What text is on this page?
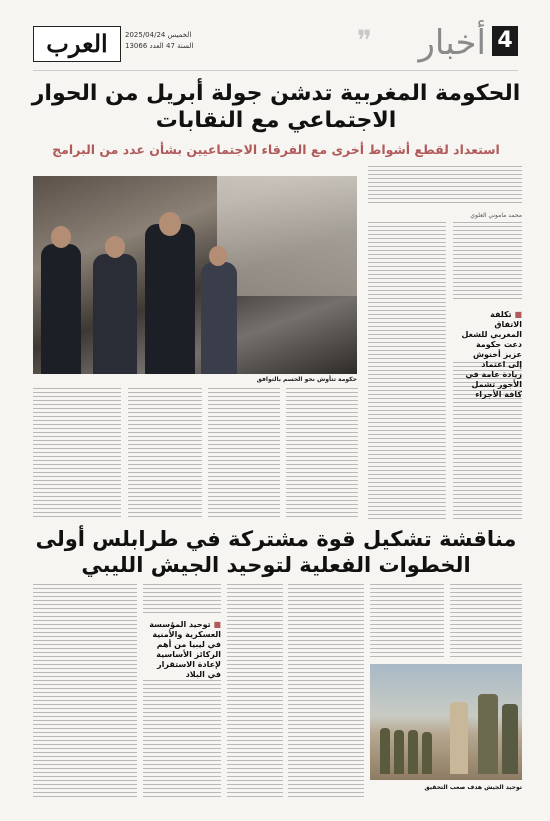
4
أخبار
❞
العرب	الخميس 2025/04/24
السنة 47 العدد 13066
الحكومة المغربية تدشن جولة أبريل من الحوار الاجتماعي مع النقابات
استعداد لقطع أشواط أخرى مع الفرقاء الاجتماعيين بشأن عدد من البرامج
محمد ماموني العلوي
■ تكلفة الاتفاق المغربي للشغل دعت حكومة عزيز أخنوش إلى اعتماد زيادة عامة في الأجور تشمل كافة الأجراء
حكومة تتأوش نحو الحسم بالتوافق
مناقشة تشكيل قوة مشتركة في طرابلس أولى الخطوات الفعلية لتوحيد الجيش الليبي
■ توحيد المؤسسة العسكرية والأمنية في ليبيا من أهم الركائز الأساسية لإعادة الاستقرار في البلاد
توحيد الجيش هدف صعب التحقيق
